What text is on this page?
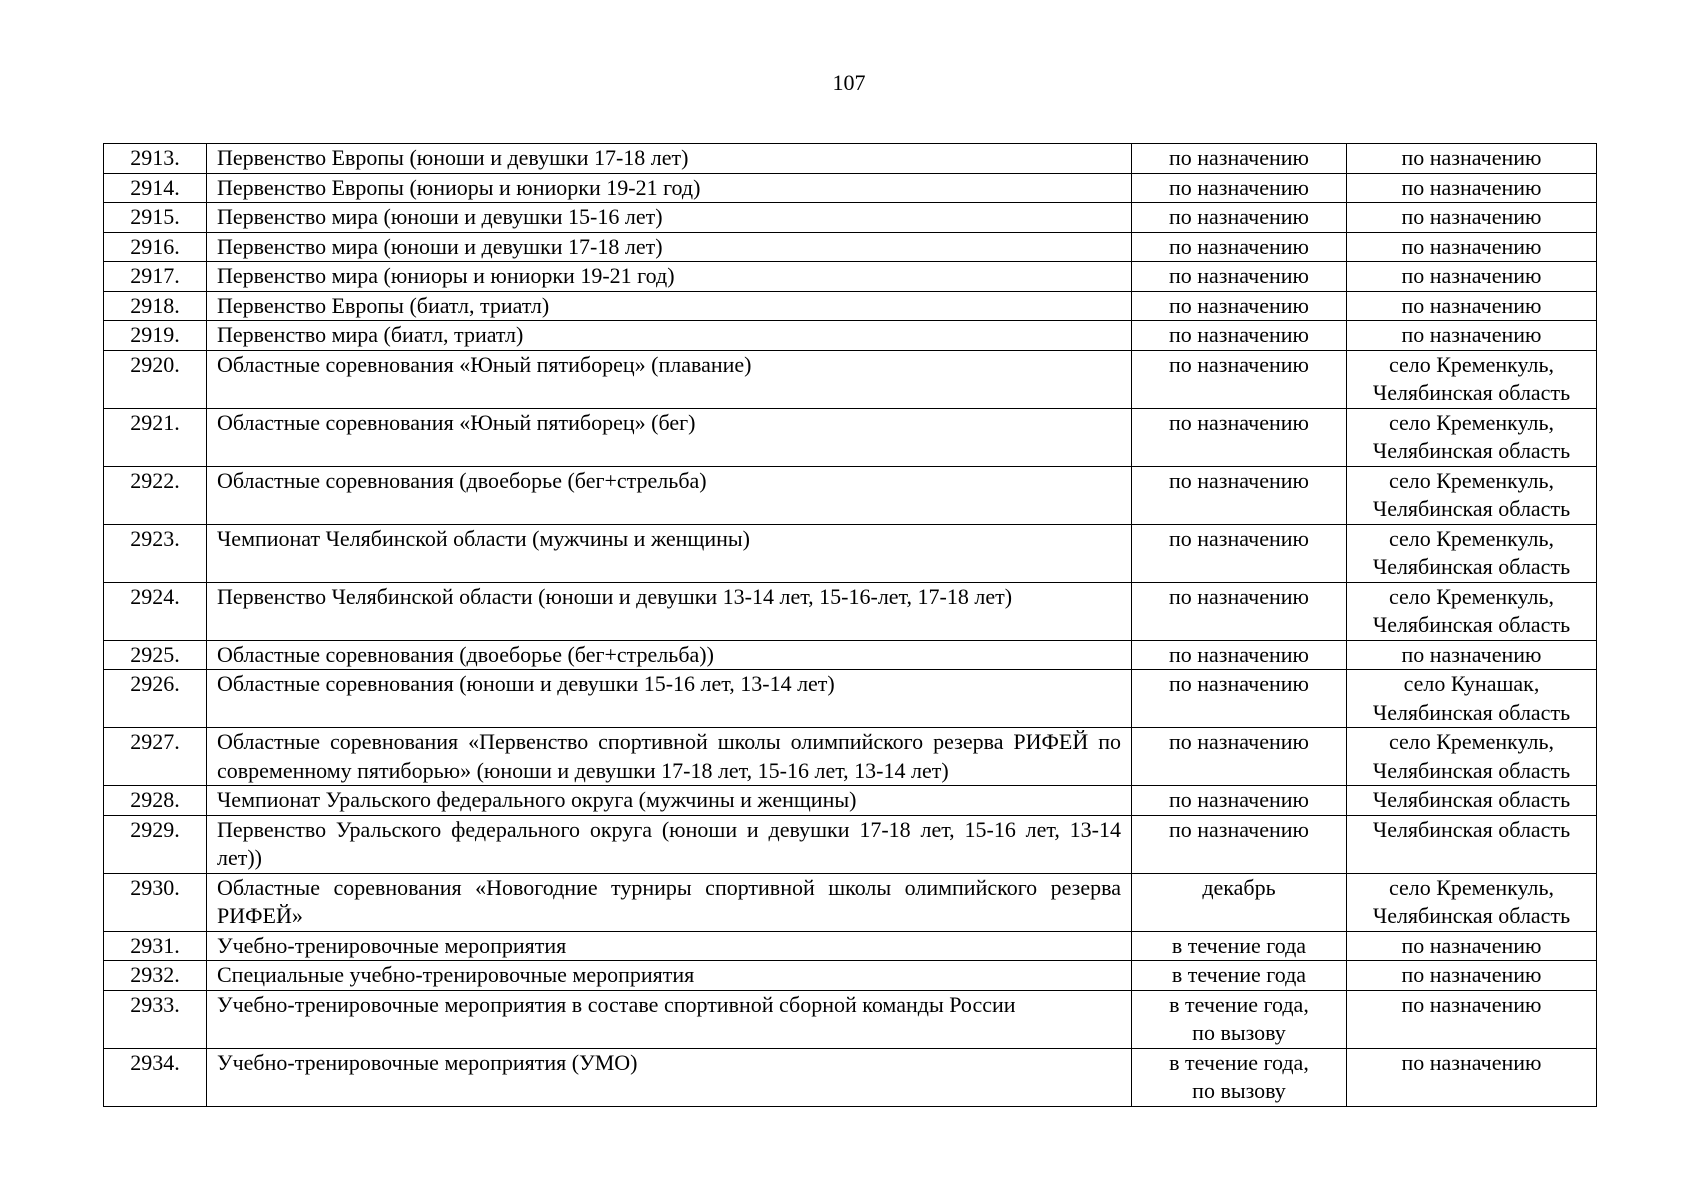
107
2913.	Первенство Европы (юноши и девушки 17-18 лет)	по назначению	по назначению

2914.	Первенство Европы (юниоры и юниорки 19-21 год)	по назначению	по назначению

2915.	Первенство мира (юноши и девушки 15-16 лет)	по назначению	по назначению

2916.	Первенство мира (юноши и девушки 17-18 лет)	по назначению	по назначению

2917.	Первенство мира (юниоры и юниорки 19-21 год)	по назначению	по назначению

2918.	Первенство Европы (биатл, триатл)	по назначению	по назначению

2919.	Первенство мира (биатл, триатл)	по назначению	по назначению

2920.	Областные соревнования «Юный пятиборец» (плавание)	по назначению	село Кременкуль,
Челябинская область

2921.	Областные соревнования «Юный пятиборец» (бег)	по назначению	село Кременкуль,
Челябинская область

2922.	Областные соревнования (двоеборье (бег+стрельба)	по назначению	село Кременкуль,
Челябинская область

2923.	Чемпионат Челябинской области (мужчины и женщины)	по назначению	село Кременкуль,
Челябинская область

2924.	Первенство Челябинской области (юноши и девушки 13-14 лет, 15-16-лет, 17-18 лет)	по назначению	село Кременкуль,
Челябинская область

2925.	Областные соревнования (двоеборье (бег+стрельба))	по назначению	по назначению

2926.	Областные соревнования (юноши и девушки 15-16 лет, 13-14 лет)	по назначению	село Кунашак,
Челябинская область

2927.	Областные соревнования «Первенство спортивной школы олимпийского резерва РИФЕЙ по современному пятиборью» (юноши и девушки 17-18 лет, 15-16 лет, 13-14 лет)	по назначению	село Кременкуль,
Челябинская область

2928.	Чемпионат Уральского федерального округа (мужчины и женщины)	по назначению	Челябинская область

2929.	Первенство Уральского федерального округа (юноши и девушки 17-18 лет, 15-16 лет, 13-14 лет))	по назначению	Челябинская область

2930.	Областные соревнования «Новогодние турниры спортивной школы олимпийского резерва РИФЕЙ»	декабрь	село Кременкуль,
Челябинская область

2931.	Учебно-тренировочные мероприятия	в течение года	по назначению

2932.	Специальные учебно-тренировочные мероприятия	в течение года	по назначению

2933.	Учебно-тренировочные мероприятия в составе спортивной сборной команды России	в течение года,
по вызову	по назначению

2934.	Учебно-тренировочные мероприятия (УМО)	в течение года,
по вызову	по назначению
